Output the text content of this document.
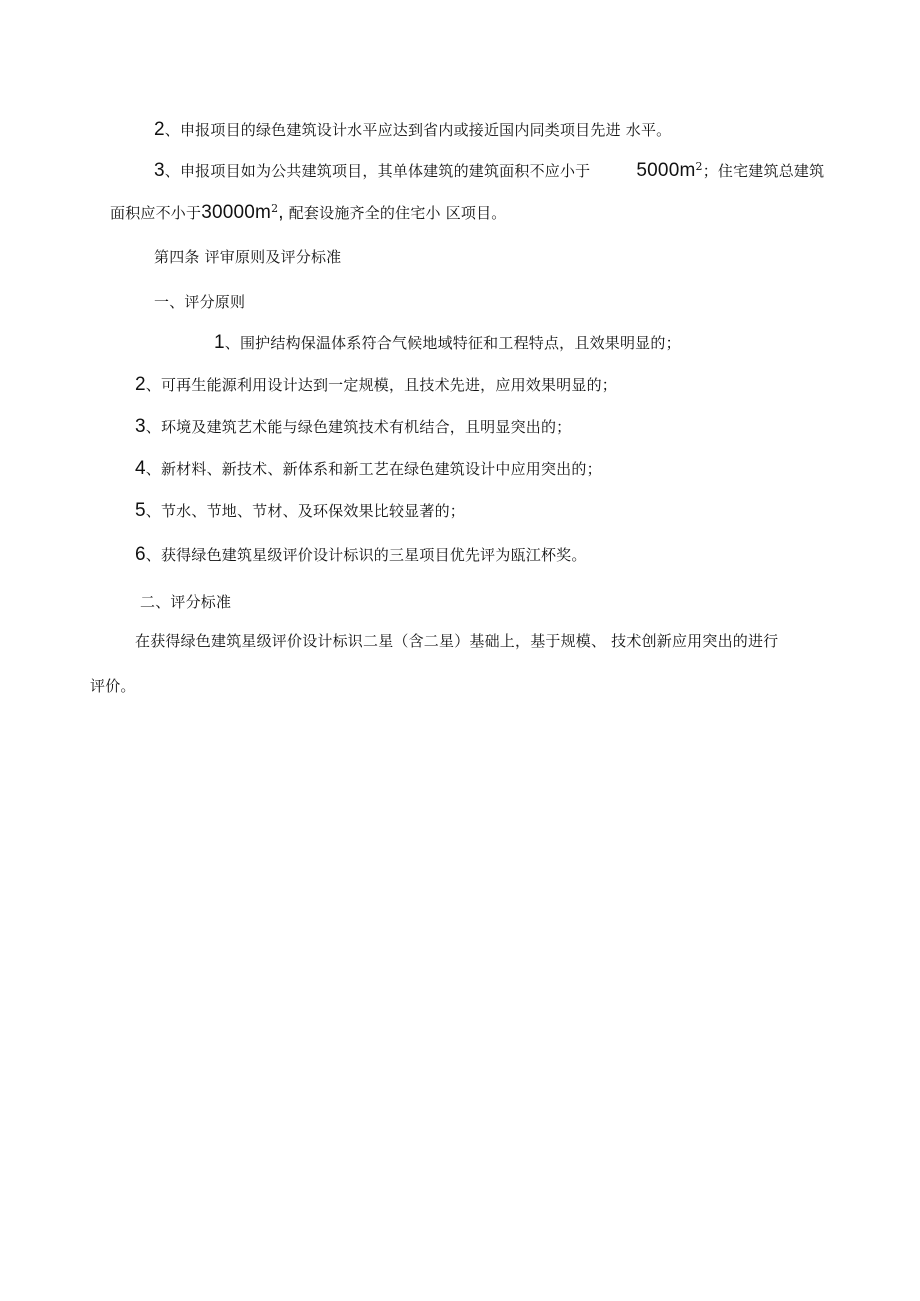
2、申报项目的绿色建筑设计水平应达到省内或接近国内同类项目先进 水平。

3、申报项目如为公共建筑项目，其单体建筑的建筑面积不应小于 $5000m^2$；住宅建筑总建筑

面积应不小于$30000m^2$, 配套设施齐全的住宅小 区项目。

第四条 评审原则及评分标准

一、评分原则

1、围护结构保温体系符合气候地域特征和工程特点，且效果明显的；

2、可再生能源利用设计达到一定规模，且技术先进，应用效果明显的；

3、环境及建筑艺术能与绿色建筑技术有机结合，且明显突出的；

4、新材料、新技术、新体系和新工艺在绿色建筑设计中应用突出的；

5、节水、节地、节材、及环保效果比较显著的；

6、获得绿色建筑星级评价设计标识的三星项目优先评为瓯江杯奖。

二、评分标准

在获得绿色建筑星级评价设计标识二星（含二星）基础上，基于规模、 技术创新应用突出的进行

评价。
